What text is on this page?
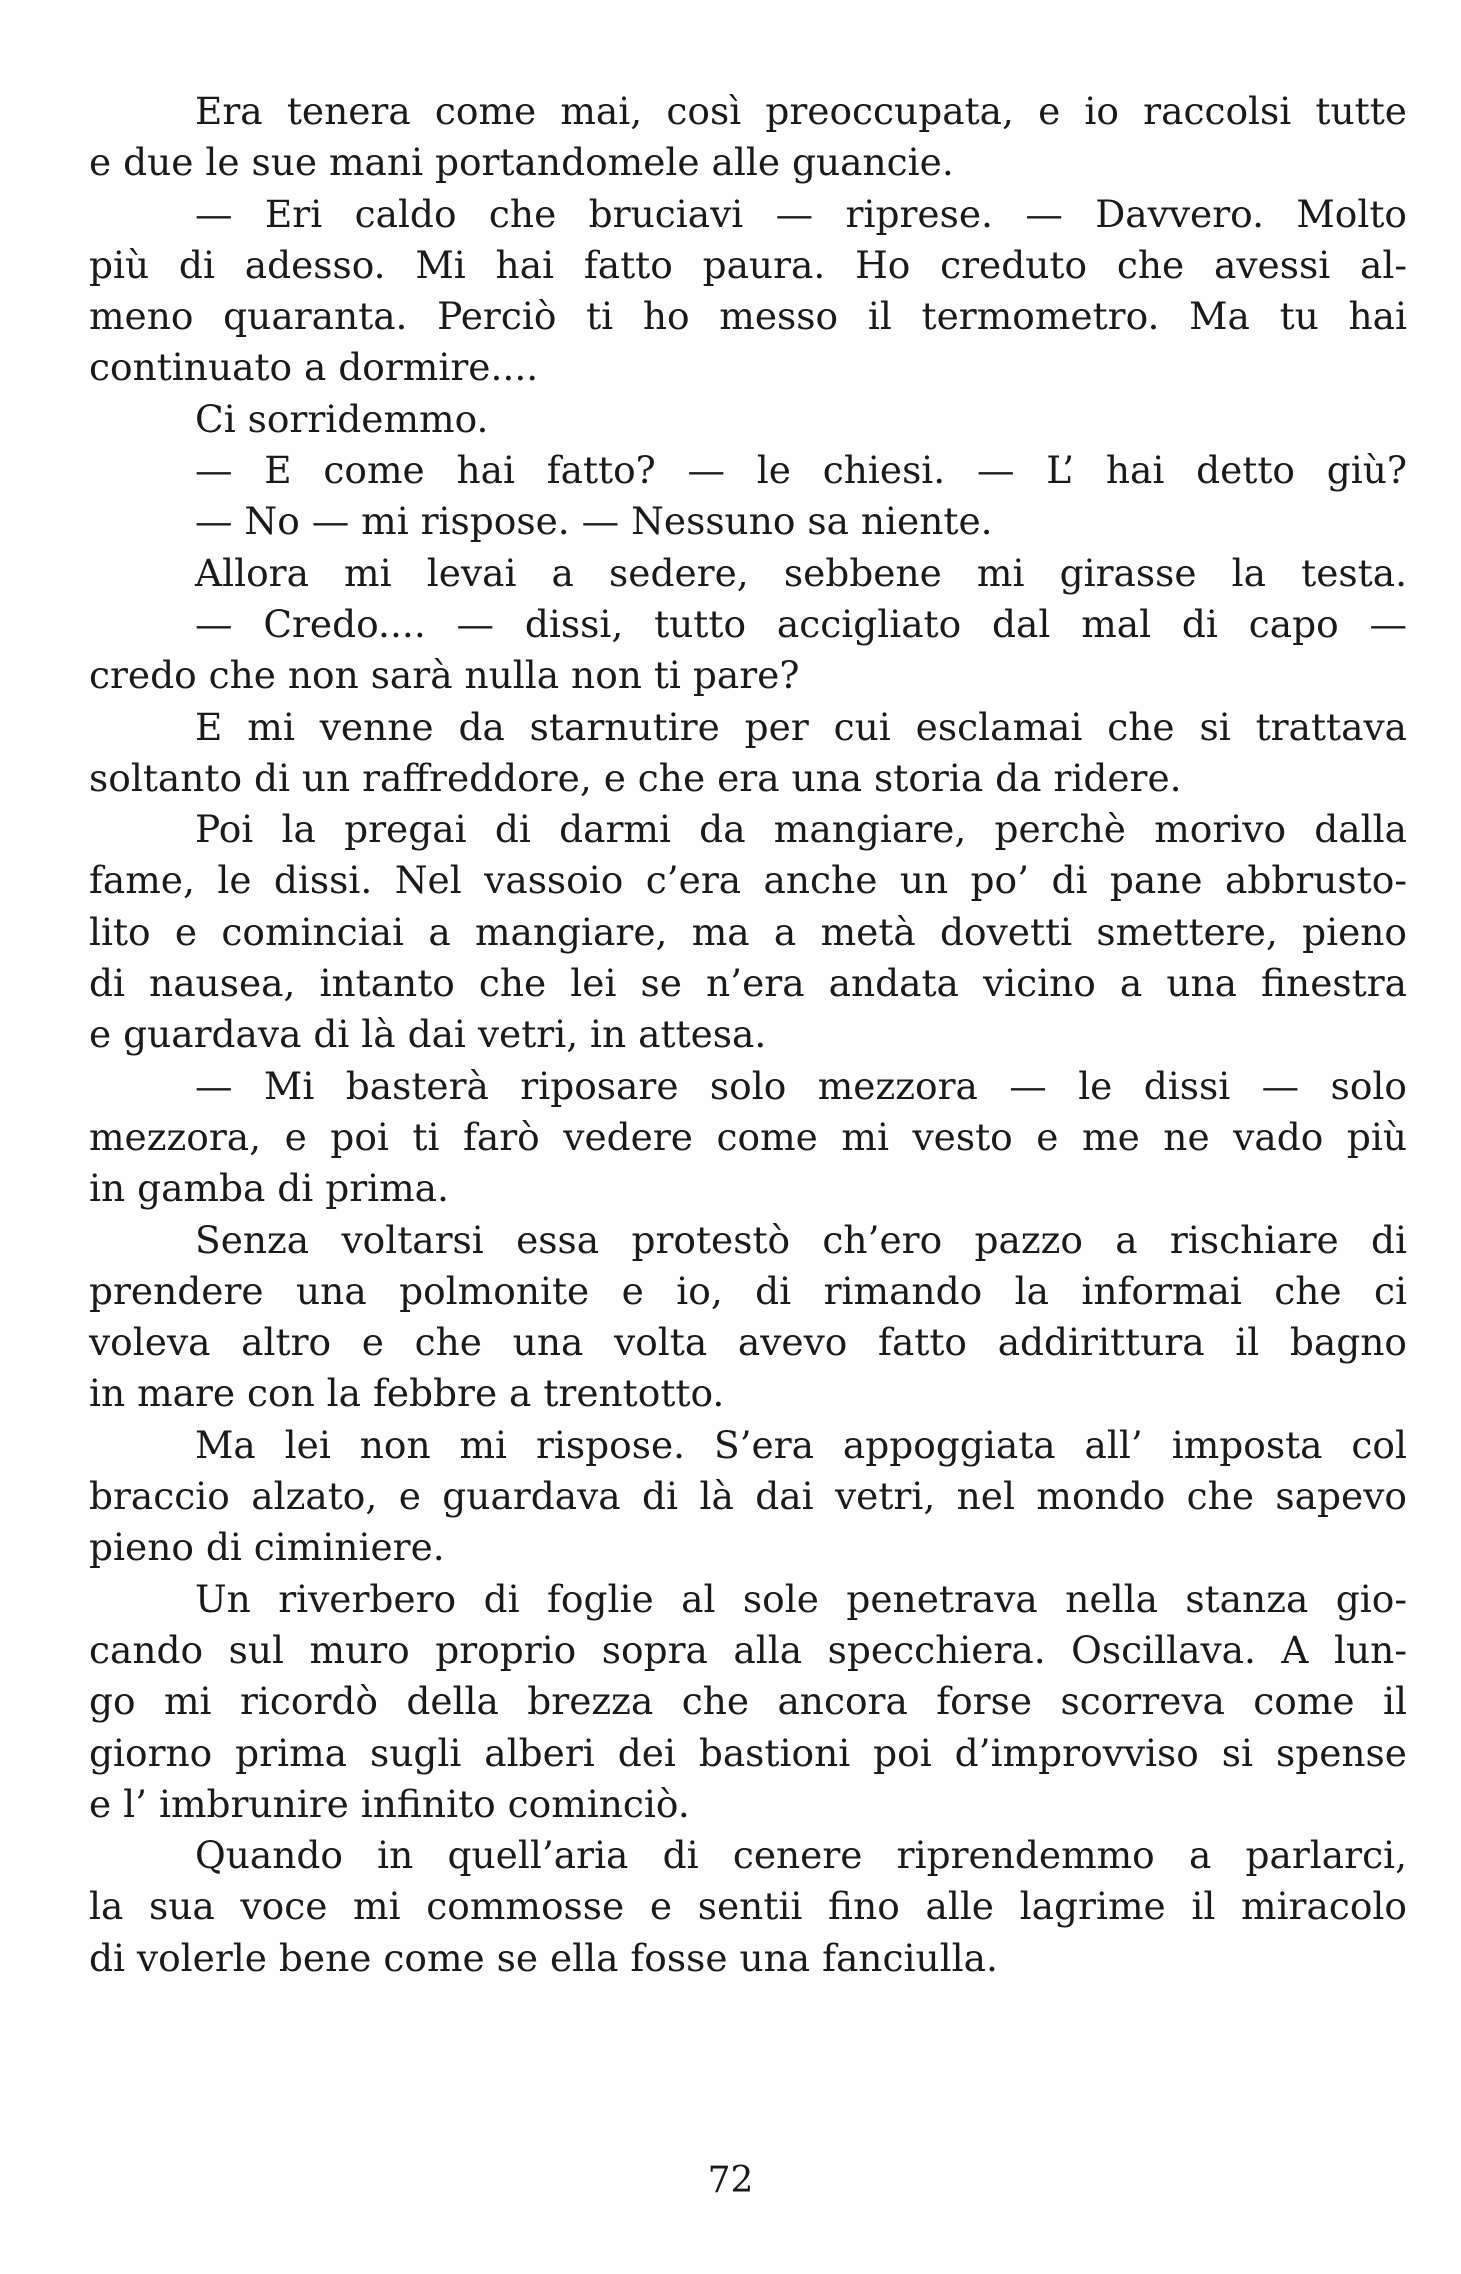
Era tenera come mai, così preoccupata, e io raccolsi tutte
e due le sue mani portandomele alle guancie.
— Eri caldo che bruciavi — riprese. — Davvero. Molto
più di adesso. Mi hai fatto paura. Ho creduto che avessi al-
meno quaranta. Perciò ti ho messo il termometro. Ma tu hai
continuato a dormire....
Ci sorridemmo.
— E come hai fatto? — le chiesi. — L’ hai detto giù?
— No — mi rispose. — Nessuno sa niente.
Allora mi levai a sedere, sebbene mi girasse la testa.
— Credo.... — dissi, tutto accigliato dal mal di capo —
credo che non sarà nulla non ti pare?
E mi venne da starnutire per cui esclamai che si trattava
soltanto di un raffreddore, e che era una storia da ridere.
Poi la pregai di darmi da mangiare, perchè morivo dalla
fame, le dissi. Nel vassoio c’era anche un po’ di pane abbrusto-
lito e cominciai a mangiare, ma a metà dovetti smettere, pieno
di nausea, intanto che lei se n’era andata vicino a una finestra
e guardava di là dai vetri, in attesa.
— Mi basterà riposare solo mezzora — le dissi — solo
mezzora, e poi ti farò vedere come mi vesto e me ne vado più
in gamba di prima.
Senza voltarsi essa protestò ch’ero pazzo a rischiare di
prendere una polmonite e io, di rimando la informai che ci
voleva altro e che una volta avevo fatto addirittura il bagno
in mare con la febbre a trentotto.
Ma lei non mi rispose. S’era appoggiata all’ imposta col
braccio alzato, e guardava di là dai vetri, nel mondo che sapevo
pieno di ciminiere.
Un riverbero di foglie al sole penetrava nella stanza gio-
cando sul muro proprio sopra alla specchiera. Oscillava. A lun-
go mi ricordò della brezza che ancora forse scorreva come il
giorno prima sugli alberi dei bastioni poi d’improvviso si spense
e l’ imbrunire infinito cominciò.
Quando in quell’aria di cenere riprendemmo a parlarci,
la sua voce mi commosse e sentii fino alle lagrime il miracolo
di volerle bene come se ella fosse una fanciulla.
72
